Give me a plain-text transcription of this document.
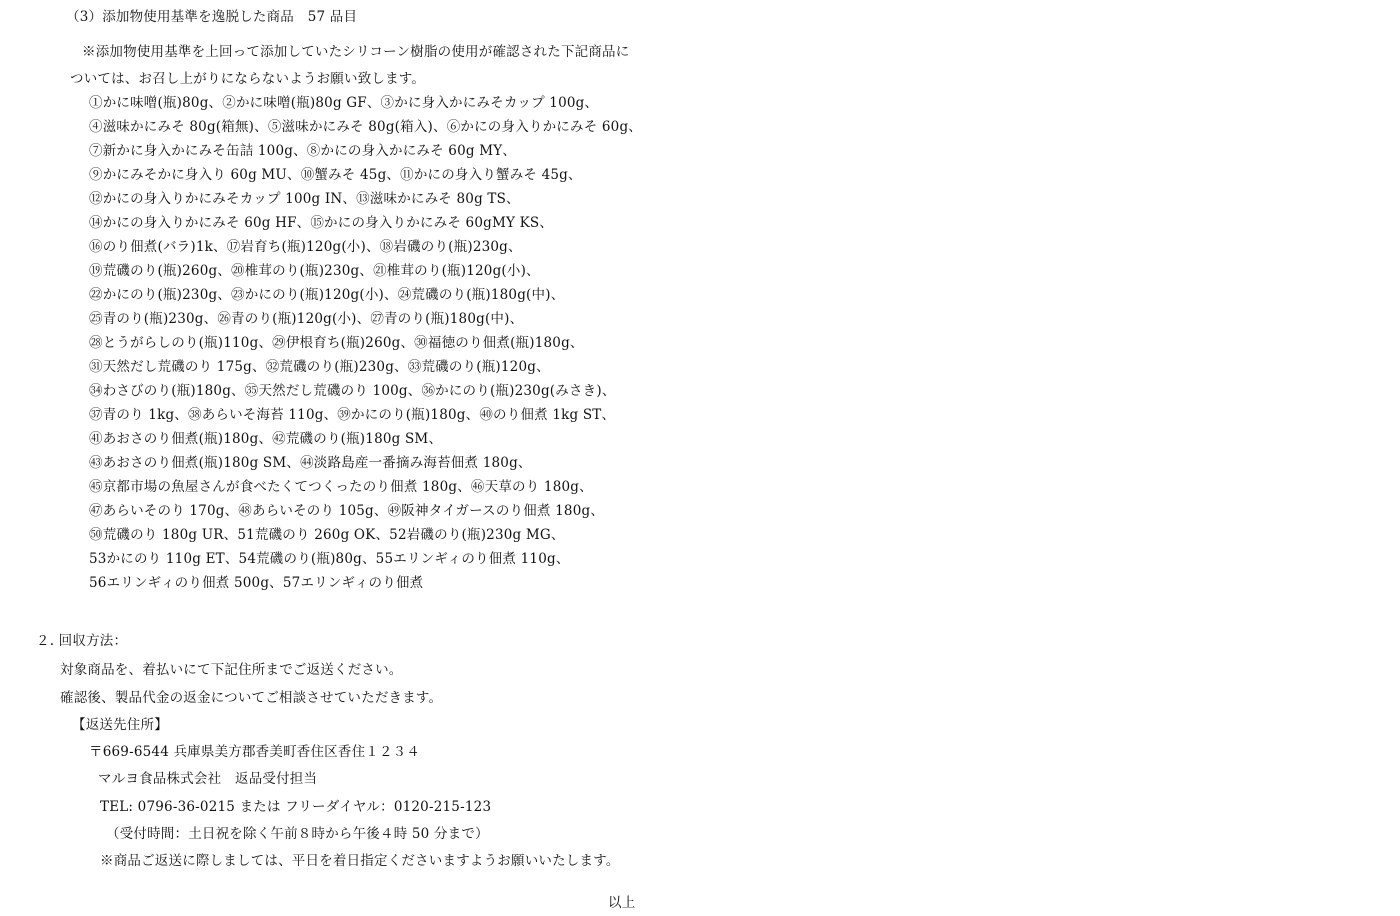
（3）添加物使用基準を逸脱した商品　57 品目
※添加物使用基準を上回って添加していたシリコーン樹脂の使用が確認された下記商品に
ついては、お召し上がりにならないようお願い致します。
①かに味噌(瓶)80g、②かに味噌(瓶)80g GF、③かに身入かにみそカップ 100g、
④滋味かにみそ 80g(箱無)、⑤滋味かにみそ 80g(箱入)、⑥かにの身入りかにみそ 60g、
⑦新かに身入かにみそ缶詰 100g、⑧かにの身入かにみそ 60g MY、
⑨かにみそかに身入り 60g MU、⑩蟹みそ 45g、⑪かにの身入り蟹みそ 45g、
⑫かにの身入りかにみそカップ 100g IN、⑬滋味かにみそ 80g TS、
⑭かにの身入りかにみそ 60g HF、⑮かにの身入りかにみそ 60gMY KS、
⑯のり佃煮(バラ)1k、⑰岩育ち(瓶)120g(小)、⑱岩磯のり(瓶)230g、
⑲荒磯のり(瓶)260g、⑳椎茸のり(瓶)230g、㉑椎茸のり(瓶)120g(小)、
㉒かにのり(瓶)230g、㉓かにのり(瓶)120g(小)、㉔荒磯のり(瓶)180g(中)、
㉕青のり(瓶)230g、㉖青のり(瓶)120g(小)、㉗青のり(瓶)180g(中)、
㉘とうがらしのり(瓶)110g、㉙伊根育ち(瓶)260g、㉚福徳のり佃煮(瓶)180g、
㉛天然だし荒磯のり 175g、㉜荒磯のり(瓶)230g、㉝荒磯のり(瓶)120g、
㉞わさびのり(瓶)180g、㉟天然だし荒磯のり 100g、㊱かにのり(瓶)230g(みさき)、
㊲青のり 1kg、㊳あらいそ海苔 110g、㊴かにのり(瓶)180g、㊵のり佃煮 1kg ST、
㊶あおさのり佃煮(瓶)180g、㊷荒磯のり(瓶)180g SM、
㊸あおさのり佃煮(瓶)180g SM、㊹淡路島産一番摘み海苔佃煮 180g、
㊺京都市場の魚屋さんが食べたくてつくったのり佃煮 180g、㊻天草のり 180g、
㊼あらいそのり 170g、㊽あらいそのり 105g、㊾阪神タイガースのり佃煮 180g、
㊿荒磯のり 180g UR、51荒磯のり 260g OK、52岩磯のり(瓶)230g MG、
53かにのり 110g ET、54荒磯のり(瓶)80g、55エリンギィのり佃煮 110g、
56エリンギィのり佃煮 500g、57エリンギィのり佃煮
２. 回収方法：
対象商品を、着払いにて下記住所までご返送ください。
確認後、製品代金の返金についてご相談させていただきます。
【返送先住所】
〒669-6544 兵庫県美方郡香美町香住区香住１２３４
マルヨ食品株式会社　返品受付担当
TEL: 0796-36-0215 または フリーダイヤル：0120-215-123
（受付時間：土日祝を除く午前８時から午後４時 50 分まで）
※商品ご返送に際しましては、平日を着日指定くださいますようお願いいたします。
以上
